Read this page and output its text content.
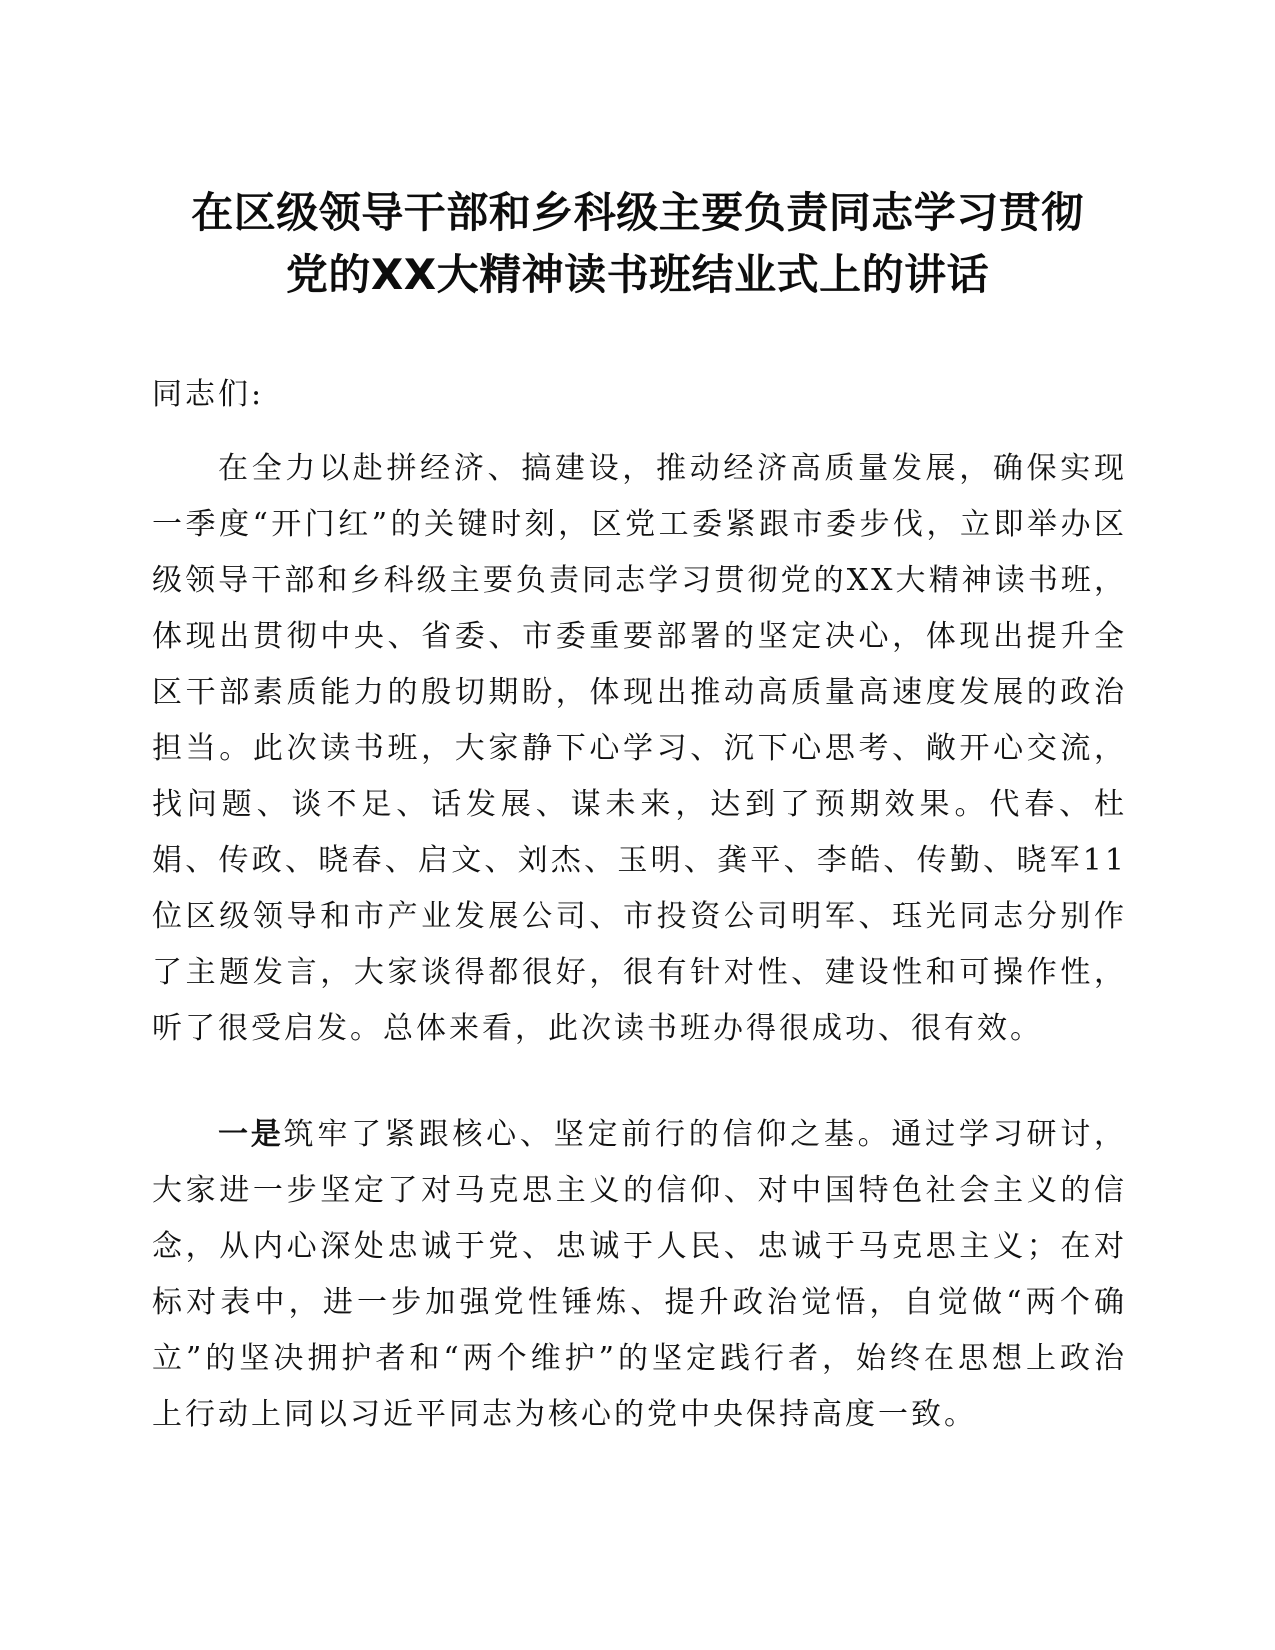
在区级领导干部和乡科级主要负责同志学习贯彻
党的XX大精神读书班结业式上的讲话

同志们:

在全力以赴拼经济、搞建设，推动经济高质量发展，确保实现一季度“开门红”的关键时刻，区党工委紧跟市委步伐，立即举办区级领导干部和乡科级主要负责同志学习贯彻党的XX大精神读书班，体现出贯彻中央、省委、市委重要部署的坚定决心，体现出提升全区干部素质能力的殷切期盼，体现出推动高质量高速度发展的政治担当。此次读书班，大家静下心学习、沉下心思考、敞开心交流，找问题、谈不足、话发展、谋未来，达到了预期效果。代春、杜娟、传政、晓春、启文、刘杰、玉明、龚平、李皓、传勤、晓军11位区级领导和市产业发展公司、市投资公司明军、珏光同志分别作了主题发言，大家谈得都很好，很有针对性、建设性和可操作性，听了很受启发。总体来看，此次读书班办得很成功、很有效。

一是筑牢了紧跟核心、坚定前行的信仰之基。通过学习研讨，大家进一步坚定了对马克思主义的信仰、对中国特色社会主义的信念，从内心深处忠诚于党、忠诚于人民、忠诚于马克思主义；在对标对表中，进一步加强党性锤炼、提升政治觉悟，自觉做“两个确立”的坚决拥护者和“两个维护”的坚定践行者，始终在思想上政治上行动上同以习近平同志为核心的党中央保持高度一致。
